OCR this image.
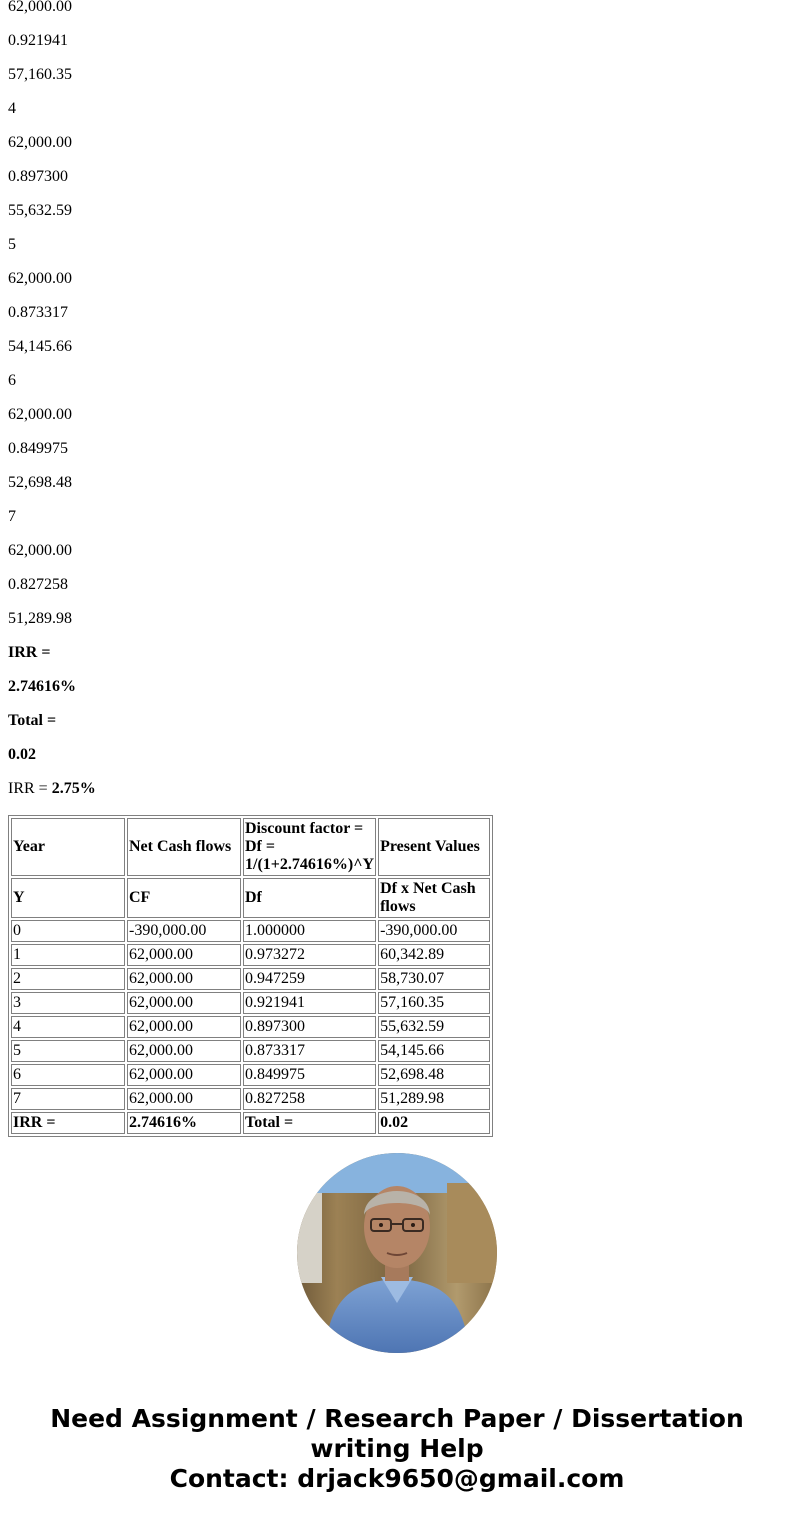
62,000.00
0.921941
57,160.35
4
62,000.00
0.897300
55,632.59
5
62,000.00
0.873317
54,145.66
6
62,000.00
0.849975
52,698.48
7
62,000.00
0.827258
51,289.98
IRR =
2.74616%
Total =
0.02
IRR = 2.75%
Year	Net Cash flows	Discount factor = Df = 1/(1+2.74616%)^Y	Present Values
Y	CF	Df	Df x Net Cash flows
0	-390,000.00	1.000000	-390,000.00
1	62,000.00	0.973272	60,342.89
2	62,000.00	0.947259	58,730.07
3	62,000.00	0.921941	57,160.35
4	62,000.00	0.897300	55,632.59
5	62,000.00	0.873317	54,145.66
6	62,000.00	0.849975	52,698.48
7	62,000.00	0.827258	51,289.98
IRR =	2.74616%	Total =	0.02
Need Assignment / Research Paper / Dissertation
writing Help
Contact: drjack9650@gmail.com
